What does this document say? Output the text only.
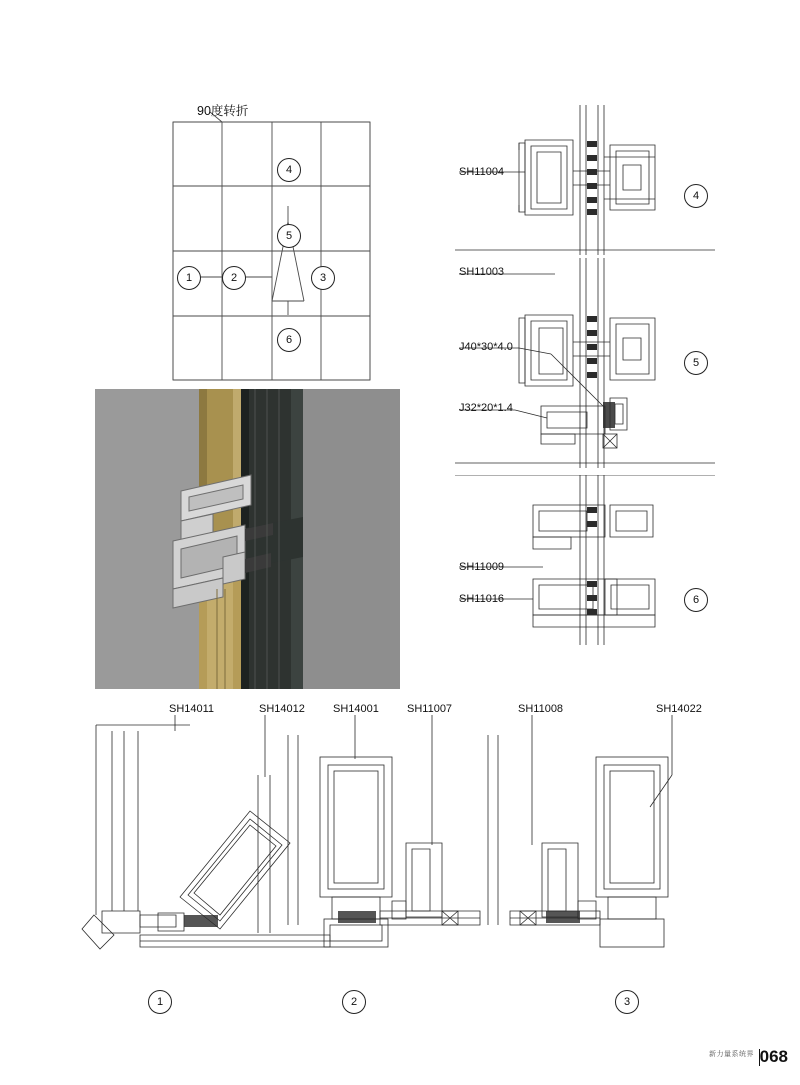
90度转折
1	2	3
4
5
6
SH11004
SH11003
J40*30*4.0
J32*20*1.4
SH11009
SH11016
4
5
6
SH14011	SH14012	SH14001	SH11007	SH11008	SH14022
1	2	3
新力量系统界 068
